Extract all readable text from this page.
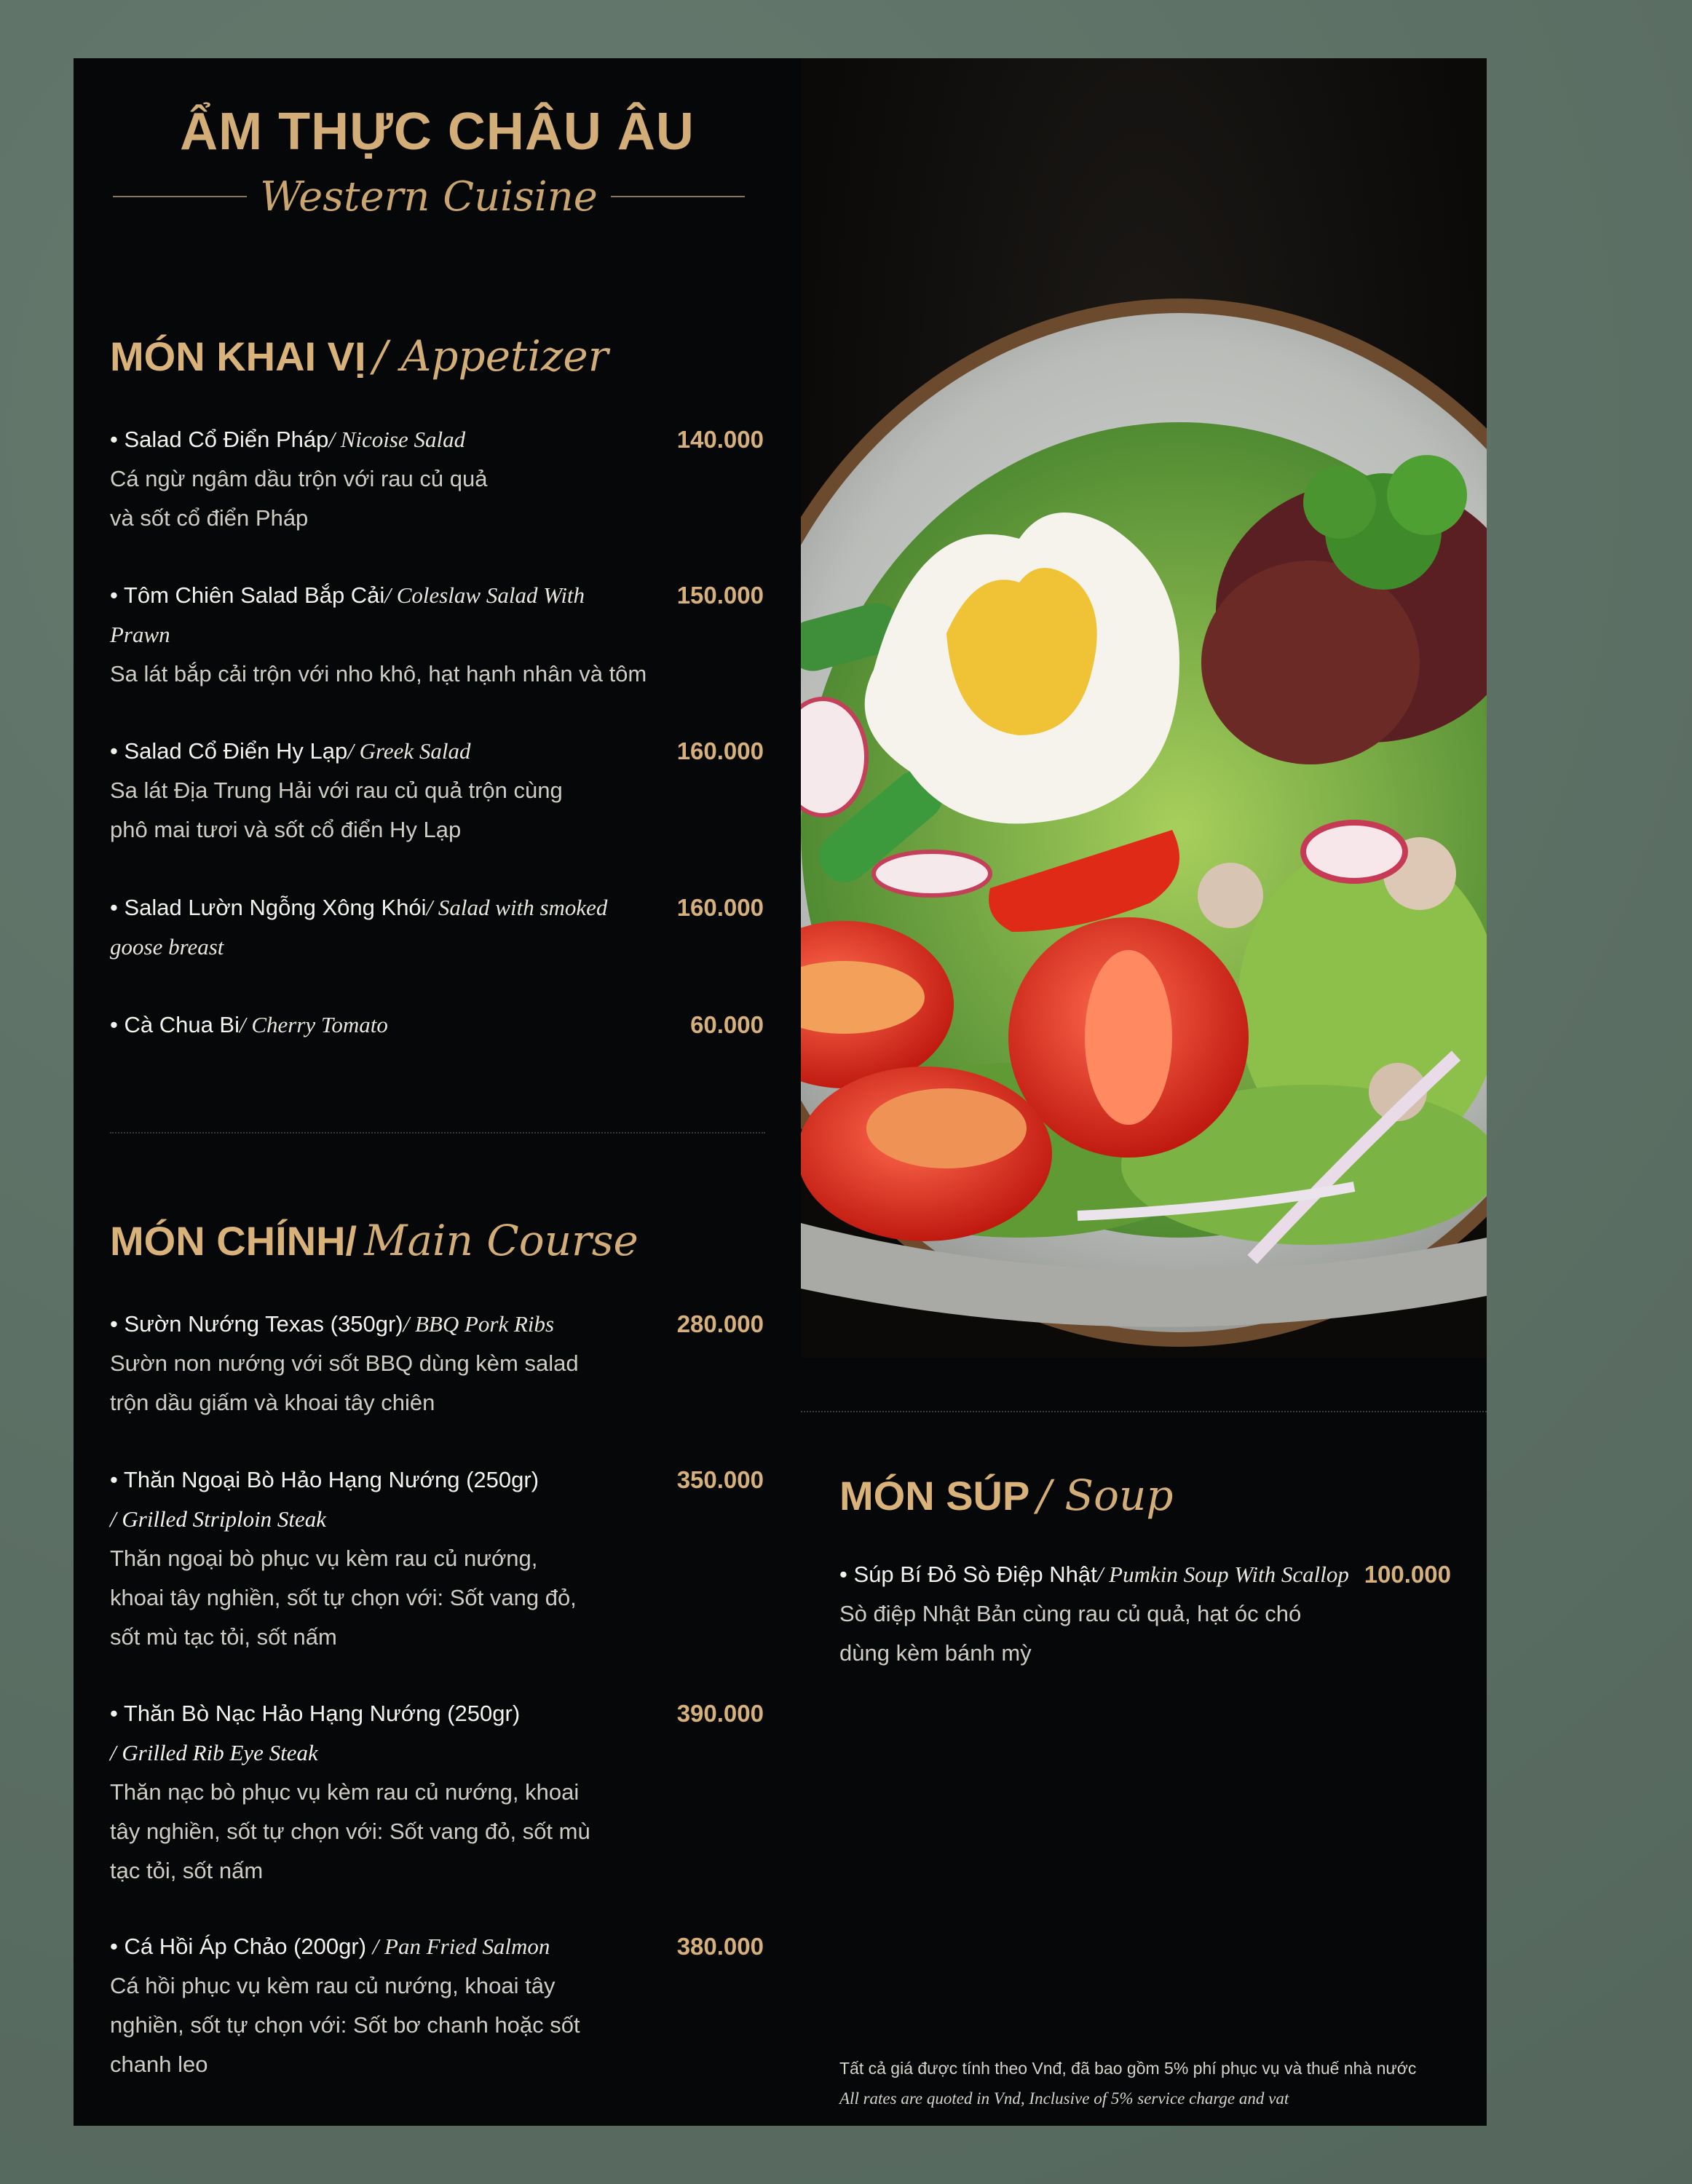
ẨM THỰC CHÂU ÂU
Western Cuisine
MÓN KHAI VỊ / Appetizer
• Salad Cổ Điển Pháp/ Nicoise Salad
Cá ngừ ngâm dầu trộn với rau củ quả
và sốt cổ điển Pháp
140.000
• Tôm Chiên Salad Bắp Cải/ Coleslaw Salad With Prawn
Sa lát bắp cải trộn với nho khô, hạt hạnh nhân và tôm
150.000
• Salad Cổ Điển Hy Lạp/ Greek Salad
Sa lát Địa Trung Hải với rau củ quả trộn cùng
phô mai tươi và sốt cổ điển Hy Lạp
160.000
• Salad Lườn Ngỗng Xông Khói/ Salad with smoked goose breast
160.000
• Cà Chua Bi/ Cherry Tomato	60.000
MÓN CHÍNH/ Main Course
• Sườn Nướng Texas (350gr)/ BBQ Pork Ribs
Sườn non nướng với sốt BBQ dùng kèm salad
trộn dầu giấm và khoai tây chiên
280.000
• Thăn Ngoại Bò Hảo Hạng Nướng (250gr)
/ Grilled Striploin Steak
Thăn ngoại bò phục vụ kèm rau củ nướng,
khoai tây nghiền, sốt tự chọn với: Sốt vang đỏ,
sốt mù tạc tỏi, sốt nấm
350.000
• Thăn Bò Nạc Hảo Hạng Nướng (250gr)
/ Grilled Rib Eye Steak
Thăn nạc bò phục vụ kèm rau củ nướng, khoai
tây nghiền, sốt tự chọn với: Sốt vang đỏ, sốt mù
tạc tỏi, sốt nấm
390.000
• Cá Hồi Áp Chảo (200gr) / Pan Fried Salmon
Cá hồi phục vụ kèm rau củ nướng, khoai tây
nghiền, sốt tự chọn với: Sốt bơ chanh hoặc sốt
chanh leo
380.000
MÓN SÚP / Soup
• Súp Bí Đỏ Sò Điệp Nhật/ Pumkin Soup With Scallop
Sò điệp Nhật Bản cùng rau củ quả, hạt óc chó
dùng kèm bánh mỳ
100.000
Tất cả giá được tính theo Vnđ, đã bao gồm 5% phí phục vụ và thuế nhà nước
All rates are quoted in Vnd, Inclusive of 5% service charge and vat
